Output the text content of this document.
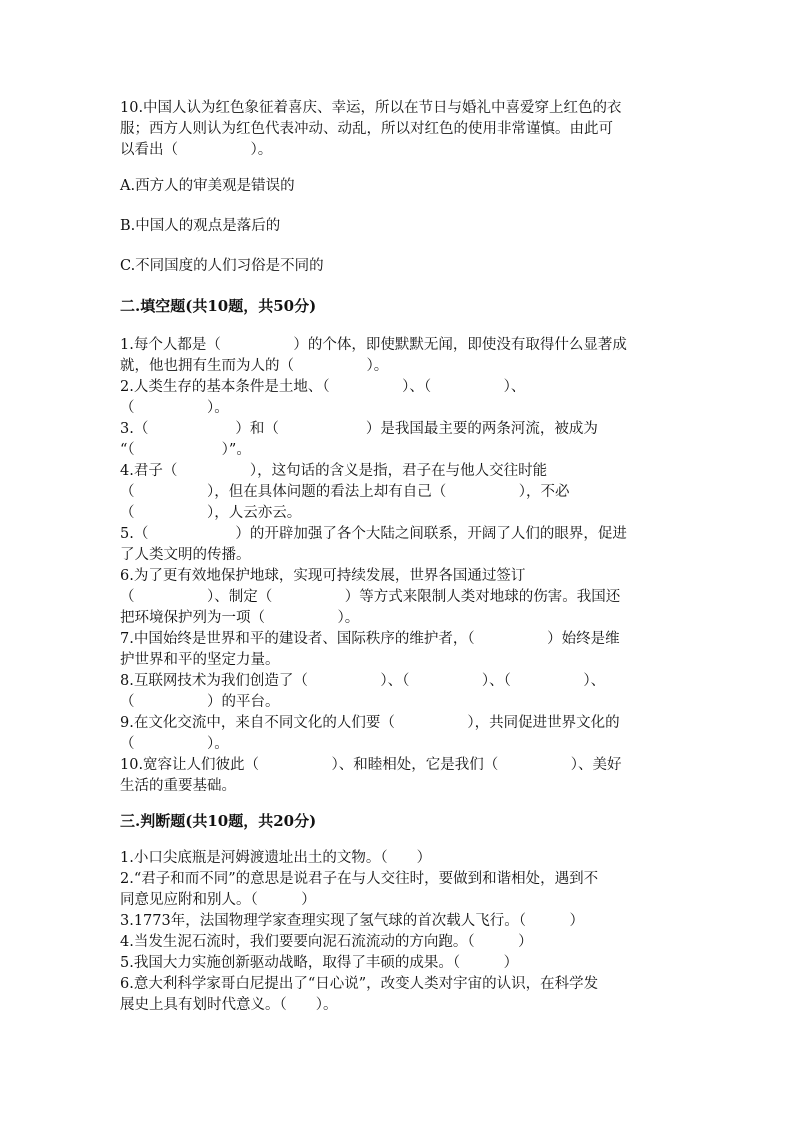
10.中国人认为红色象征着喜庆、幸运，所以在节日与婚礼中喜爱穿上红色的衣
服；西方人则认为红色代表冲动、动乱，所以对红色的使用非常谨慎。由此可
以看出（　　　　　）。
A.西方人的审美观是错误的
B.中国人的观点是落后的
C.不同国度的人们习俗是不同的
二.填空题(共10题，共50分)
1.每个人都是（　　　　　）的个体，即使默默无闻，即使没有取得什么显著成
就，他也拥有生而为人的（　　　　　）。
2.人类生存的基本条件是土地、（　　　　　）、（　　　　　）、
（　　　　　）。
3.（　　　　　　）和（　　　　　　）是我国最主要的两条河流，被成为
“（　　　　　　）”。
4.君子（　　　　　），这句话的含义是指，君子在与他人交往时能
（　　　　　），但在具体问题的看法上却有自己（　　　　　），不必
（　　　　　），人云亦云。
5.（　　　　　　）的开辟加强了各个大陆之间联系，开阔了人们的眼界，促进
了人类文明的传播。
6.为了更有效地保护地球，实现可持续发展，世界各国通过签订
（　　　　　）、制定（　　　　　）等方式来限制人类对地球的伤害。我国还
把环境保护列为一项（　　　　　）。
7.中国始终是世界和平的建设者、国际秩序的维护者，（　　　　　）始终是维
护世界和平的坚定力量。
8.互联网技术为我们创造了（　　　　　）、（　　　　　）、（　　　　　）、
（　　　　　）的平台。
9.在文化交流中，来自不同文化的人们要（　　　　　），共同促进世界文化的
（　　　　　）。
10.宽容让人们彼此（　　　　　）、和睦相处，它是我们（　　　　　）、美好
生活的重要基础。
三.判断题(共10题，共20分)
1.小口尖底瓶是河姆渡遗址出土的文物。（　　）
2.“君子和而不同”的意思是说君子在与人交往时，要做到和谐相处，遇到不
同意见应附和别人。（　　　）
3.1773年，法国物理学家查理实现了氢气球的首次载人飞行。（　　　）
4.当发生泥石流时，我们要要向泥石流流动的方向跑。（　　　）
5.我国大力实施创新驱动战略，取得了丰硕的成果。（　　　）
6.意大利科学家哥白尼提出了“日心说”，改变人类对宇宙的认识，在科学发
展史上具有划时代意义。（　　）。
